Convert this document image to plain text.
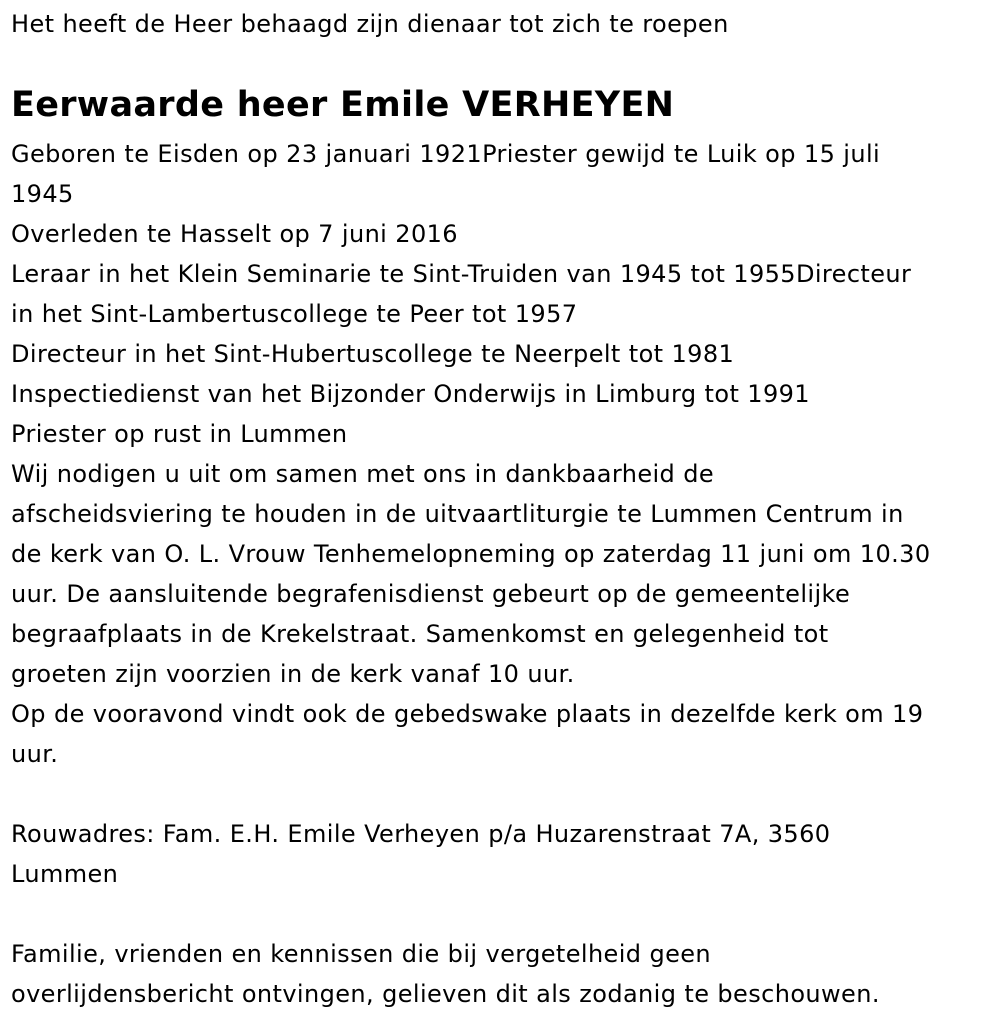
Het heeft de Heer behaagd zijn dienaar tot zich te roepen
Eerwaarde heer Emile VERHEYEN
Geboren te Eisden op 23 januari 1921Priester gewijd te Luik op 15 juli
1945
Overleden te Hasselt op 7 juni 2016
Leraar in het Klein Seminarie te Sint-Truiden van 1945 tot 1955Directeur
in het Sint-Lambertuscollege te Peer tot 1957
Directeur in het Sint-Hubertuscollege te Neerpelt tot 1981
Inspectiedienst van het Bijzonder Onderwijs in Limburg tot 1991
Priester op rust in Lummen
Wij nodigen u uit om samen met ons in dankbaarheid de
afscheidsviering te houden in de uitvaartliturgie te Lummen Centrum in
de kerk van O. L. Vrouw Tenhemelopneming op zaterdag 11 juni om 10.30
uur. De aansluitende begrafenisdienst gebeurt op de gemeentelijke
begraafplaats in de Krekelstraat. Samenkomst en gelegenheid tot
groeten zijn voorzien in de kerk vanaf 10 uur.
Op de vooravond vindt ook de gebedswake plaats in dezelfde kerk om 19
uur.
Rouwadres: Fam. E.H. Emile Verheyen p/a Huzarenstraat 7A, 3560
Lummen
Familie, vrienden en kennissen die bij vergetelheid geen
overlijdensbericht ontvingen, gelieven dit als zodanig te beschouwen.
